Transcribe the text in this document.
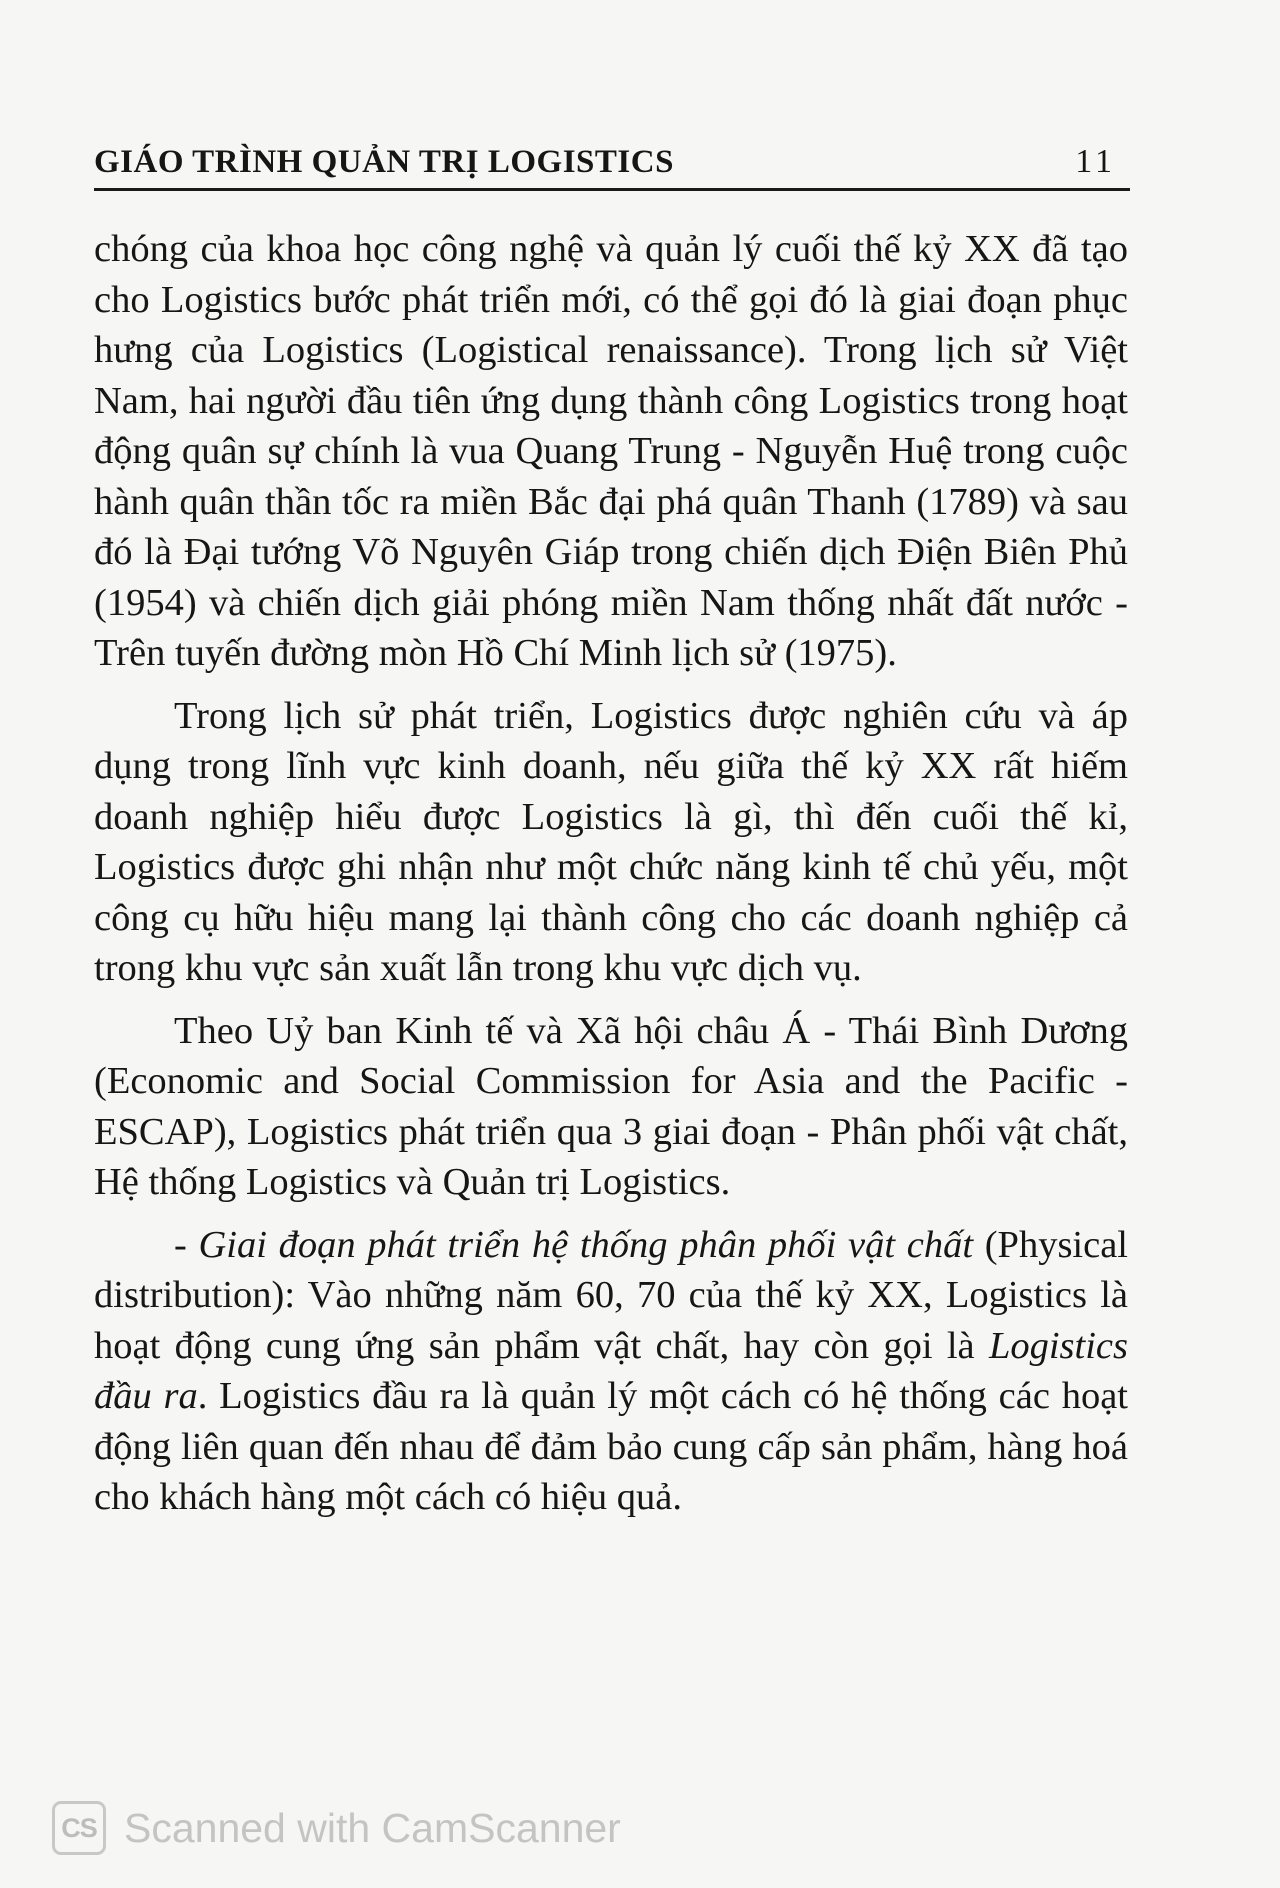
GIÁO TRÌNH QUẢN TRỊ LOGISTICS	11

chóng của khoa học công nghệ và quản lý cuối thế kỷ XX đã tạo cho Logistics bước phát triển mới, có thể gọi đó là giai đoạn phục hưng của Logistics (Logistical renaissance). Trong lịch sử Việt Nam, hai người đầu tiên ứng dụng thành công Logistics trong hoạt động quân sự chính là vua Quang Trung - Nguyễn Huệ trong cuộc hành quân thần tốc ra miền Bắc đại phá quân Thanh (1789) và sau đó là Đại tướng Võ Nguyên Giáp trong chiến dịch Điện Biên Phủ (1954) và chiến dịch giải phóng miền Nam thống nhất đất nước - Trên tuyến đường mòn Hồ Chí Minh lịch sử (1975).

Trong lịch sử phát triển, Logistics được nghiên cứu và áp dụng trong lĩnh vực kinh doanh, nếu giữa thế kỷ XX rất hiếm doanh nghiệp hiểu được Logistics là gì, thì đến cuối thế kỉ, Logistics được ghi nhận như một chức năng kinh tế chủ yếu, một công cụ hữu hiệu mang lại thành công cho các doanh nghiệp cả trong khu vực sản xuất lẫn trong khu vực dịch vụ.

Theo Uỷ ban Kinh tế và Xã hội châu Á - Thái Bình Dương (Economic and Social Commission for Asia and the Pacific - ESCAP), Logistics phát triển qua 3 giai đoạn - Phân phối vật chất, Hệ thống Logistics và Quản trị Logistics.

- Giai đoạn phát triển hệ thống phân phối vật chất (Physical distribution): Vào những năm 60, 70 của thế kỷ XX, Logistics là hoạt động cung ứng sản phẩm vật chất, hay còn gọi là Logistics đầu ra. Logistics đầu ra là quản lý một cách có hệ thống các hoạt động liên quan đến nhau để đảm bảo cung cấp sản phẩm, hàng hoá cho khách hàng một cách có hiệu quả.

CS Scanned with CamScanner
